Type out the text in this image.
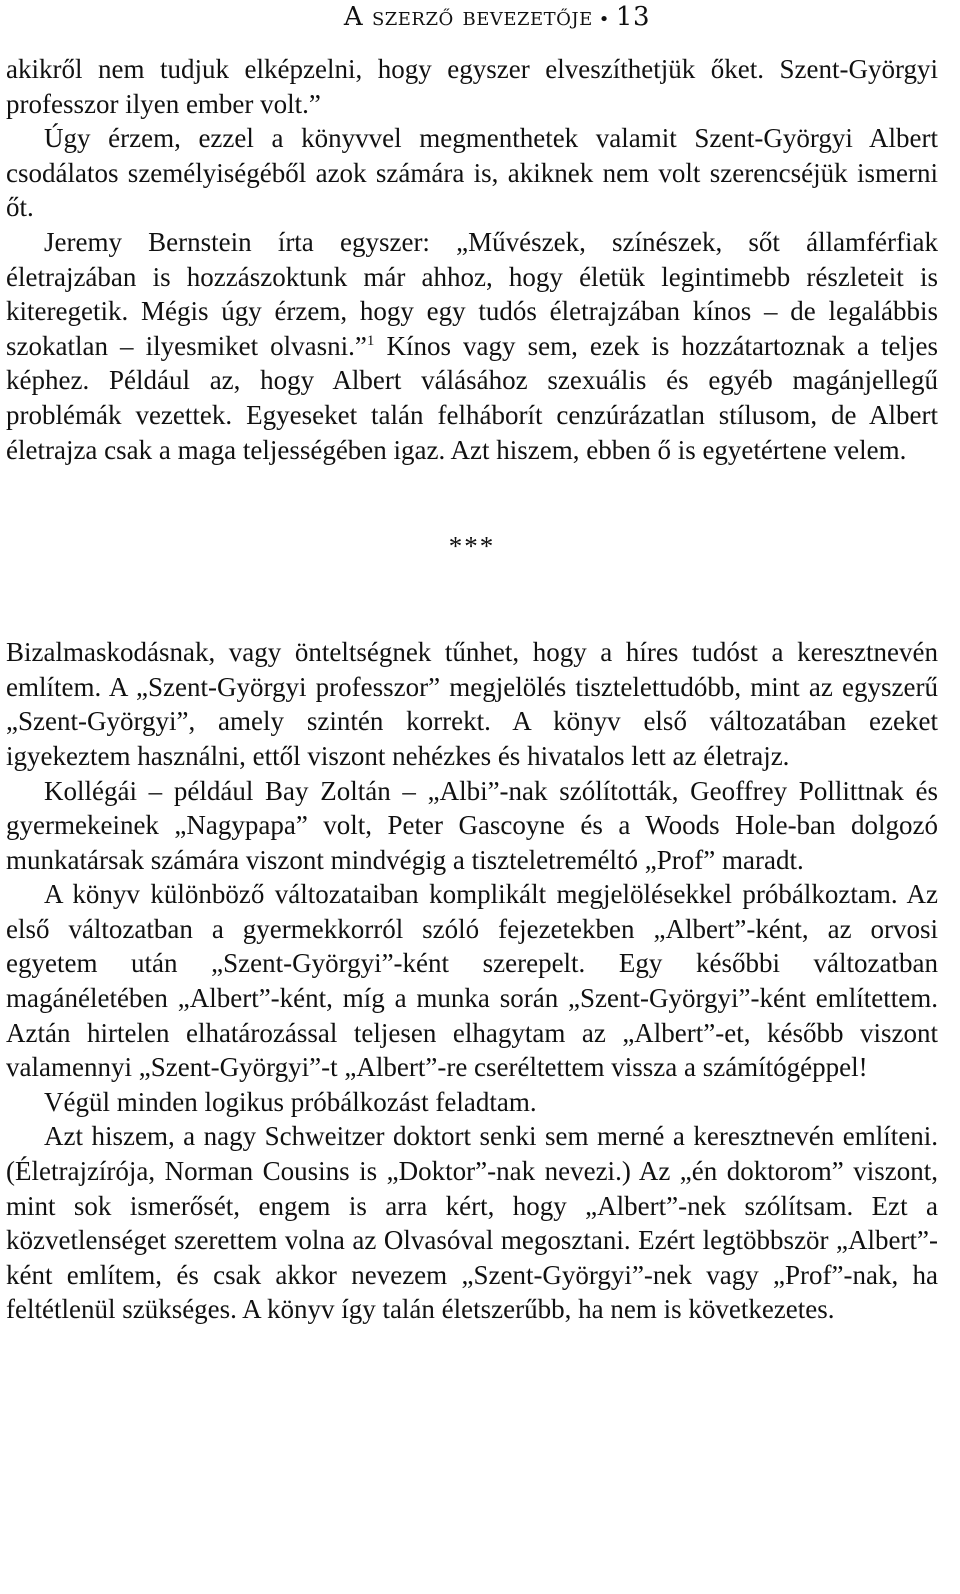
A szerző bevezetője • 13

akikről nem tudjuk elképzelni, hogy egyszer elveszíthetjük őket. Szent-Györgyi professzor ilyen ember volt.”

Úgy érzem, ezzel a könyvvel megmenthetek valamit Szent-Györgyi Albert csodálatos személyiségéből azok számára is, akiknek nem volt szerencséjük ismerni őt.

Jeremy Bernstein írta egyszer: „Művészek, színészek, sőt államférfiak életrajzában is hozzászoktunk már ahhoz, hogy életük legintimebb részleteit is kiteregetik. Mégis úgy érzem, hogy egy tudós életrajzában kínos – de legalábbis szokatlan – ilyesmiket olvasni.”$^1$ Kínos vagy sem, ezek is hozzátartoznak a teljes képhez. Például az, hogy Albert válásához szexuális és egyéb magánjellegű problémák vezettek. Egyeseket talán felháborít cenzúrázatlan stílusom, de Albert életrajza csak a maga teljességében igaz. Azt hiszem, ebben ő is egyetértene velem.

***

Bizalmaskodásnak, vagy önteltségnek tűnhet, hogy a híres tudóst a keresztnevén említem. A „Szent-Györgyi professzor” megjelölés tisztelettudóbb, mint az egyszerű „Szent-Györgyi”, amely szintén korrekt. A könyv első változatában ezeket igyekeztem használni, ettől viszont nehézkes és hivatalos lett az életrajz.

Kollégái – például Bay Zoltán – „Albi”-nak szólították, Geoffrey Pollittnak és gyermekeinek „Nagypapa” volt, Peter Gascoyne és a Woods Hole-ban dolgozó munkatársak számára viszont mindvégig a tiszteletreméltó „Prof” maradt.

A könyv különböző változataiban komplikált megjelölésekkel próbálkoztam. Az első változatban a gyermekkorról szóló fejezetekben „Albert”-ként, az orvosi egyetem után „Szent-Györgyi”-ként szerepelt. Egy későbbi változatban magánéletében „Albert”-ként, míg a munka során „Szent-Györgyi”-ként említettem. Aztán hirtelen elhatározással teljesen elhagytam az „Albert”-et, később viszont valamennyi „Szent-Györgyi”-t „Albert”-re cseréltettem vissza a számítógéppel!

Végül minden logikus próbálkozást feladtam.

Azt hiszem, a nagy Schweitzer doktort senki sem merné a keresztnevén említeni. (Életrajzírója, Norman Cousins is „Doktor”-nak nevezi.) Az „én doktorom” viszont, mint sok ismerősét, engem is arra kért, hogy „Albert”-nek szólítsam. Ezt a közvetlenséget szerettem volna az Olvasóval megosztani. Ezért legtöbbször „Albert”-ként említem, és csak akkor nevezem „Szent-Györgyi”-nek vagy „Prof”-nak, ha feltétlenül szükséges. A könyv így talán életszerűbb, ha nem is következetes.
